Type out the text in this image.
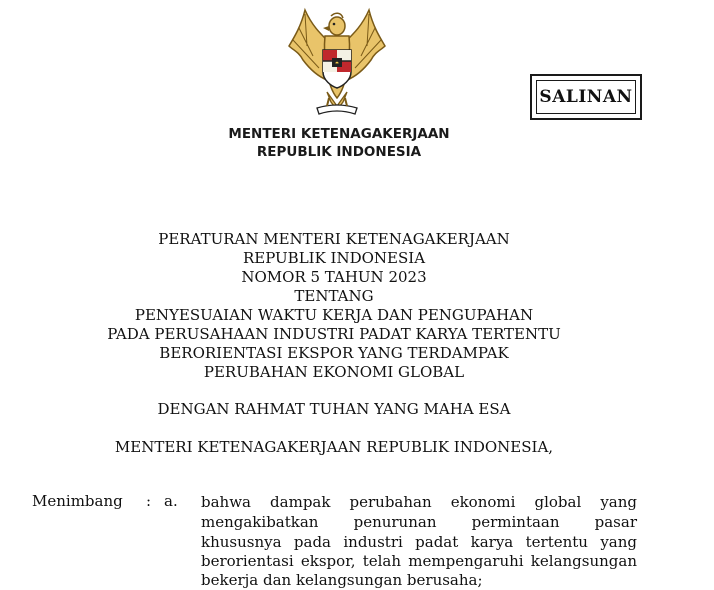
SALINAN
MENTERI KETENAGAKERJAAN
REPUBLIK INDONESIA
PERATURAN MENTERI KETENAGAKERJAAN
REPUBLIK INDONESIA
NOMOR 5 TAHUN 2023
TENTANG
PENYESUAIAN WAKTU KERJA DAN PENGUPAHAN
PADA PERUSAHAAN INDUSTRI PADAT KARYA TERTENTU
BERORIENTASI EKSPOR YANG TERDAMPAK
PERUBAHAN EKONOMI GLOBAL
DENGAN RAHMAT TUHAN YANG MAHA ESA
MENTERI KETENAGAKERJAAN REPUBLIK INDONESIA,
Menimbang : a. bahwa dampak perubahan ekonomi global yang
mengakibatkan penurunan permintaan pasar
khususnya pada industri padat karya tertentu yang
berorientasi ekspor, telah mempengaruhi kelangsungan
bekerja dan kelangsungan berusaha;
